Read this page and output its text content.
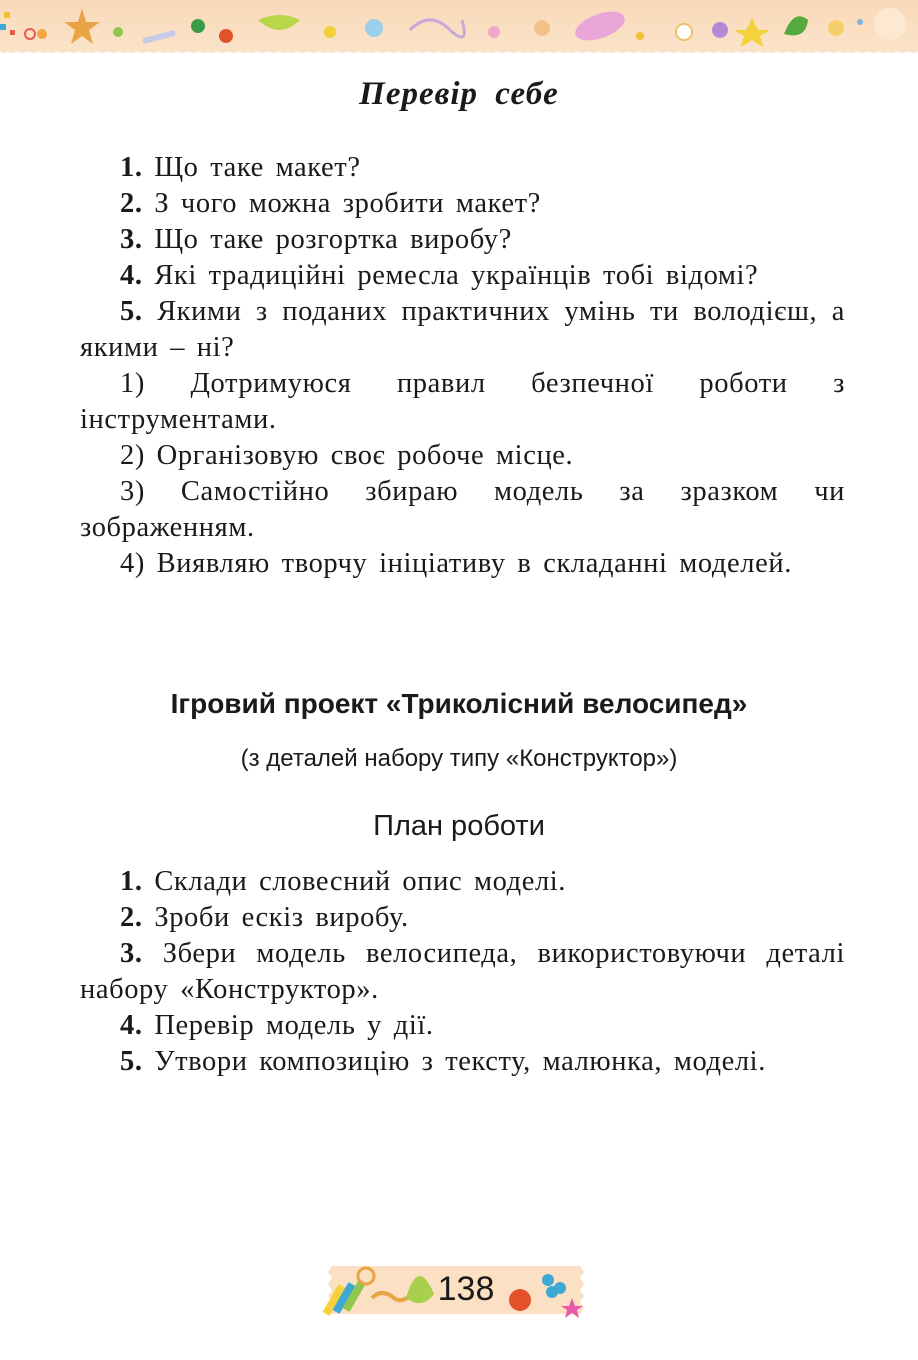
Перевір себе

1. Що таке макет?

2. З чого можна зробити макет?

3. Що таке розгортка виробу?

4. Які традиційні ремесла українців тобі відомі?

5. Якими з поданих практичних умінь ти володієш, а якими – ні?

1) Дотримуюся правил безпечної роботи з інструментами.

2) Організовую своє робоче місце.

3) Самостійно збираю модель за зразком чи зображенням.

4) Виявляю творчу ініціативу в складанні моделей.

Ігровий проект «Триколісний велосипед»
(з деталей набору типу «Конструктор»)
План роботи

1. Склади словесний опис моделі.

2. Зроби ескіз виробу.

3. Збери модель велосипеда, використовуючи деталі набору «Конструктор».

4. Перевір модель у дії.

5. Утвори композицію з тексту, малюнка, моделі.

138
